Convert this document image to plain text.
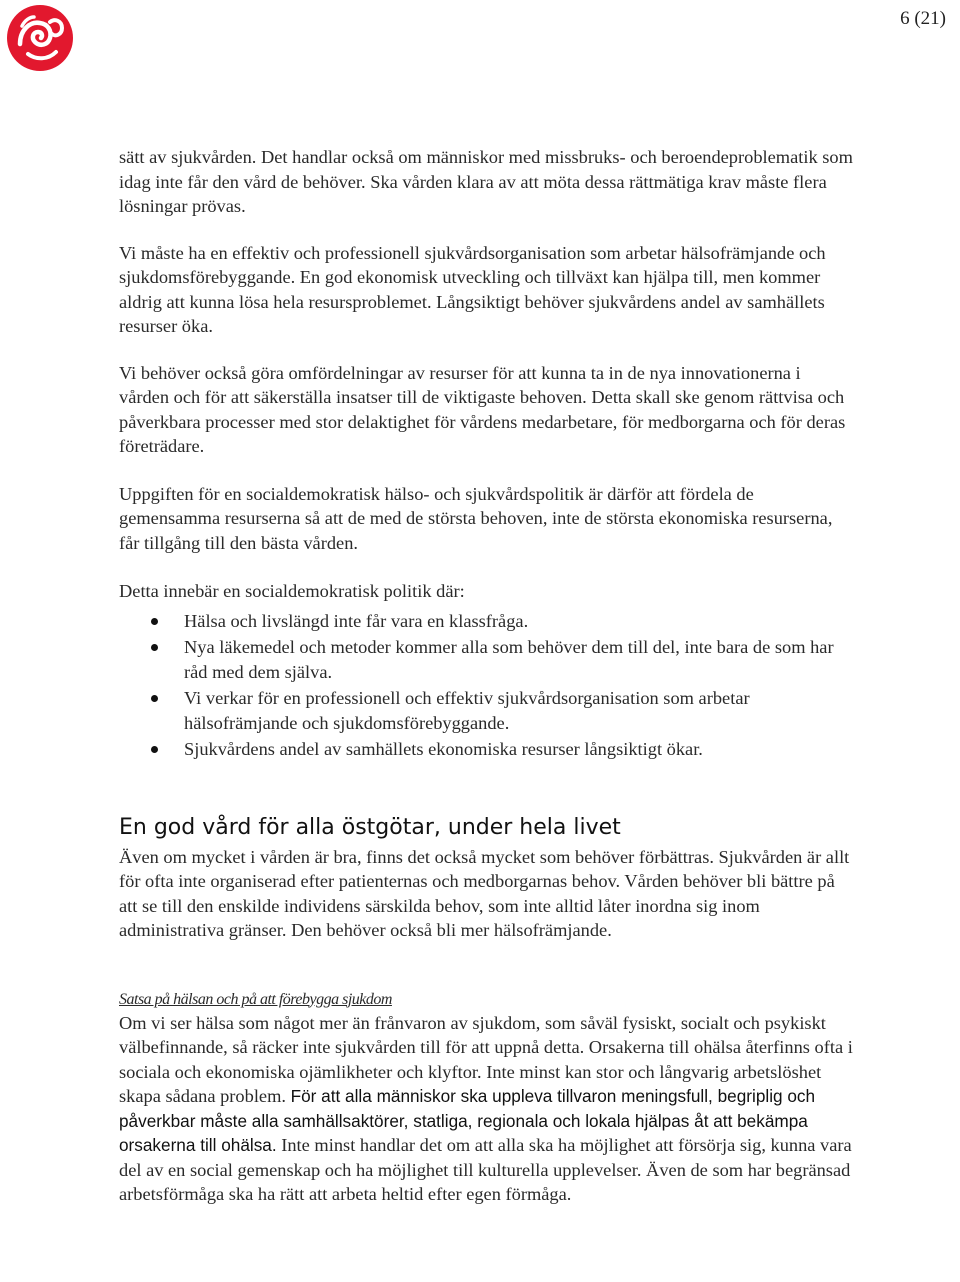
6 (21)

sätt av sjukvården. Det handlar också om människor med missbruks- och beroendeproblematik som idag inte får den vård de behöver. Ska vården klara av att möta dessa rättmätiga krav måste flera lösningar prövas.

Vi måste ha en effektiv och professionell sjukvårdsorganisation som arbetar hälsofrämjande och sjukdomsförebyggande. En god ekonomisk utveckling och tillväxt kan hjälpa till, men kommer aldrig att kunna lösa hela resursproblemet. Långsiktigt behöver sjukvårdens andel av samhällets resurser öka.

Vi behöver också göra omfördelningar av resurser för att kunna ta in de nya innovationerna i vården och för att säkerställa insatser till de viktigaste behoven. Detta skall ske genom rättvisa och påverkbara processer med stor delaktighet för vårdens medarbetare, för medborgarna och för deras företrädare.

Uppgiften för en socialdemokratisk hälso- och sjukvårdspolitik är därför att fördela de gemensamma resurserna så att de med de största behoven, inte de största ekonomiska resurserna, får tillgång till den bästa vården.

Detta innebär en socialdemokratisk politik där:

Hälsa och livslängd inte får vara en klassfråga.
Nya läkemedel och metoder kommer alla som behöver dem till del, inte bara de som har råd med dem själva.
Vi verkar för en professionell och effektiv sjukvårdsorganisation som arbetar hälsofrämjande och sjukdomsförebyggande.
Sjukvårdens andel av samhällets ekonomiska resurser långsiktigt ökar.
En god vård för alla östgötar, under hela livet

Även om mycket i vården är bra, finns det också mycket som behöver förbättras. Sjukvården är allt för ofta inte organiserad efter patienternas och medborgarnas behov. Vården behöver bli bättre på att se till den enskilde individens särskilda behov, som inte alltid låter inordna sig inom administrativa gränser. Den behöver också bli mer hälsofrämjande.

Satsa på hälsan och på att förebygga sjukdom

Om vi ser hälsa som något mer än frånvaron av sjukdom, som såväl fysiskt, socialt och psykiskt välbefinnande, så räcker inte sjukvården till för att uppnå detta. Orsakerna till ohälsa återfinns ofta i sociala och ekonomiska ojämlikheter och klyftor. Inte minst kan stor och långvarig arbetslöshet skapa sådana problem. För att alla människor ska uppleva tillvaron meningsfull, begriplig och påverkbar måste alla samhällsaktörer, statliga, regionala och lokala hjälpas åt att bekämpa orsakerna till ohälsa. Inte minst handlar det om att alla ska ha möjlighet att försörja sig, kunna vara del av en social gemenskap och ha möjlighet till kulturella upplevelser. Även de som har begränsad arbetsförmåga ska ha rätt att arbeta heltid efter egen förmåga.
